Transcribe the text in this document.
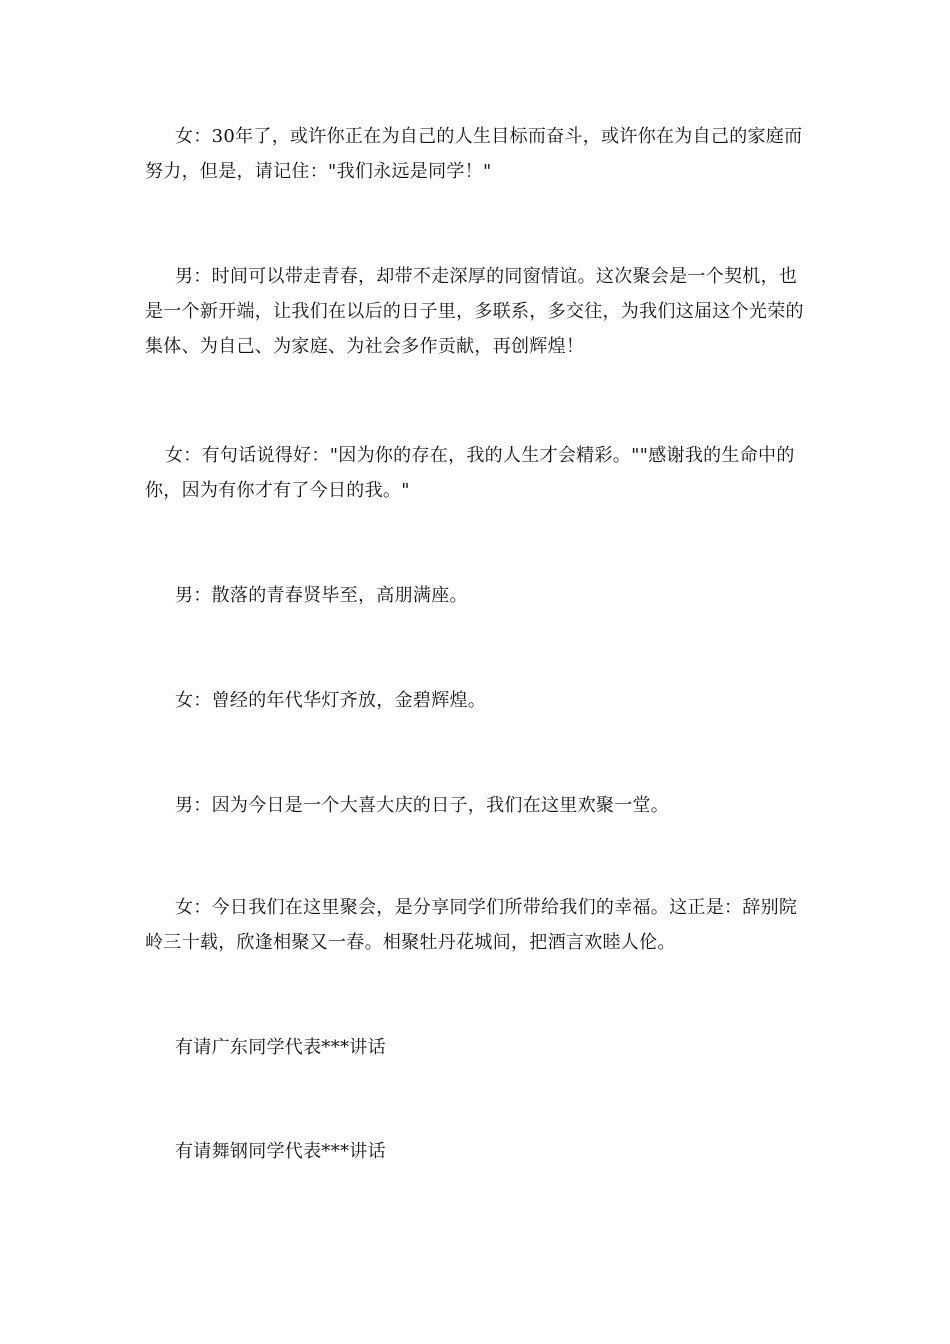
女：30年了，或许你正在为自己的人生目标而奋斗，或许你在为自己的家庭而努力，但是，请记住："我们永远是同学！"

男：时间可以带走青春，却带不走深厚的同窗情谊。这次聚会是一个契机，也是一个新开端，让我们在以后的日子里，多联系，多交往，为我们这届这个光荣的集体、为自己、为家庭、为社会多作贡献，再创辉煌！

女：有句话说得好："因为你的存在，我的人生才会精彩。""感谢我的生命中的你，因为有你才有了今日的我。"

男：散落的青春贤毕至，高朋满座。

女：曾经的年代华灯齐放，金碧辉煌。

男：因为今日是一个大喜大庆的日子，我们在这里欢聚一堂。

女：今日我们在这里聚会，是分享同学们所带给我们的幸福。这正是：辞别院岭三十载，欣逢相聚又一春。相聚牡丹花城间，把酒言欢睦人伦。

有请广东同学代表***讲话

有请舞钢同学代表***讲话
